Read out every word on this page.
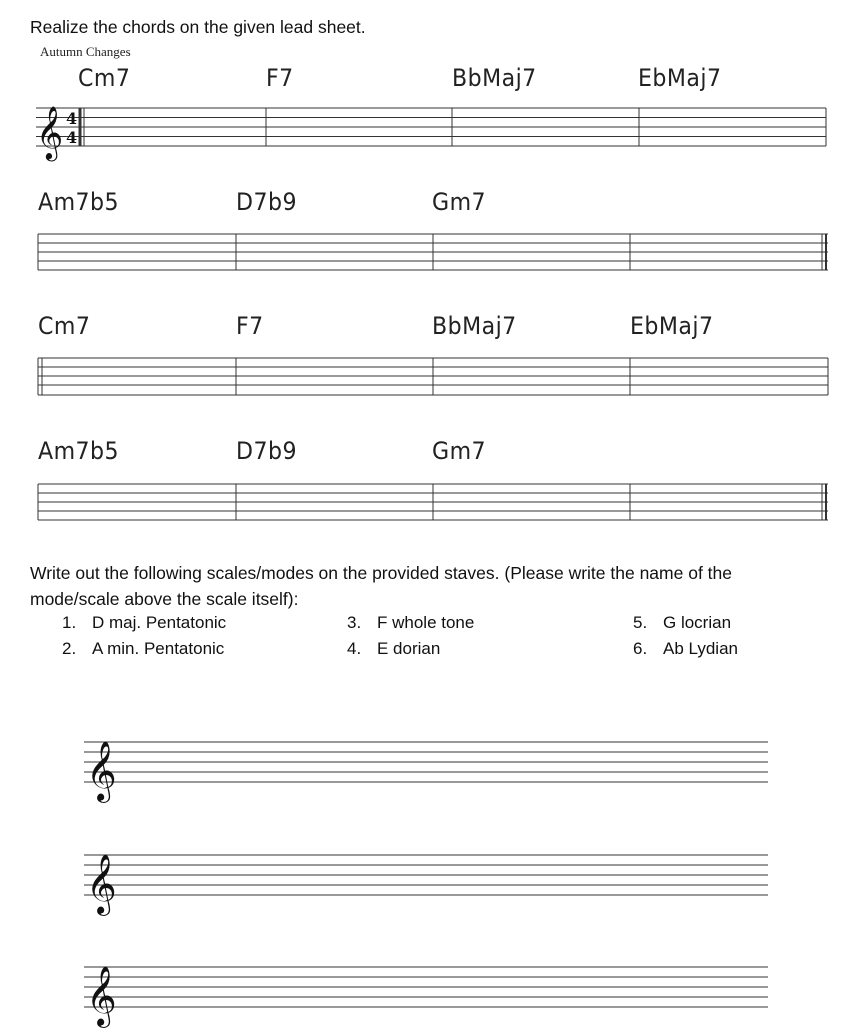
Realize the chords on the given lead sheet.
Autumn Changes
Cm7	F7	BbMaj7	EbMaj7
Am7b5	D7b9	Gm7
Cm7	F7	BbMaj7	EbMaj7
Am7b5	D7b9	Gm7
𝄞 4
4
𝄞
𝄞
𝄞
Write out the following scales/modes on the provided staves. (Please write the name of the mode/scale above the scale itself):
1. D maj. Pentatonic
2. A min. Pentatonic
3. F whole tone
4. E dorian
5. G locrian
6. Ab Lydian
